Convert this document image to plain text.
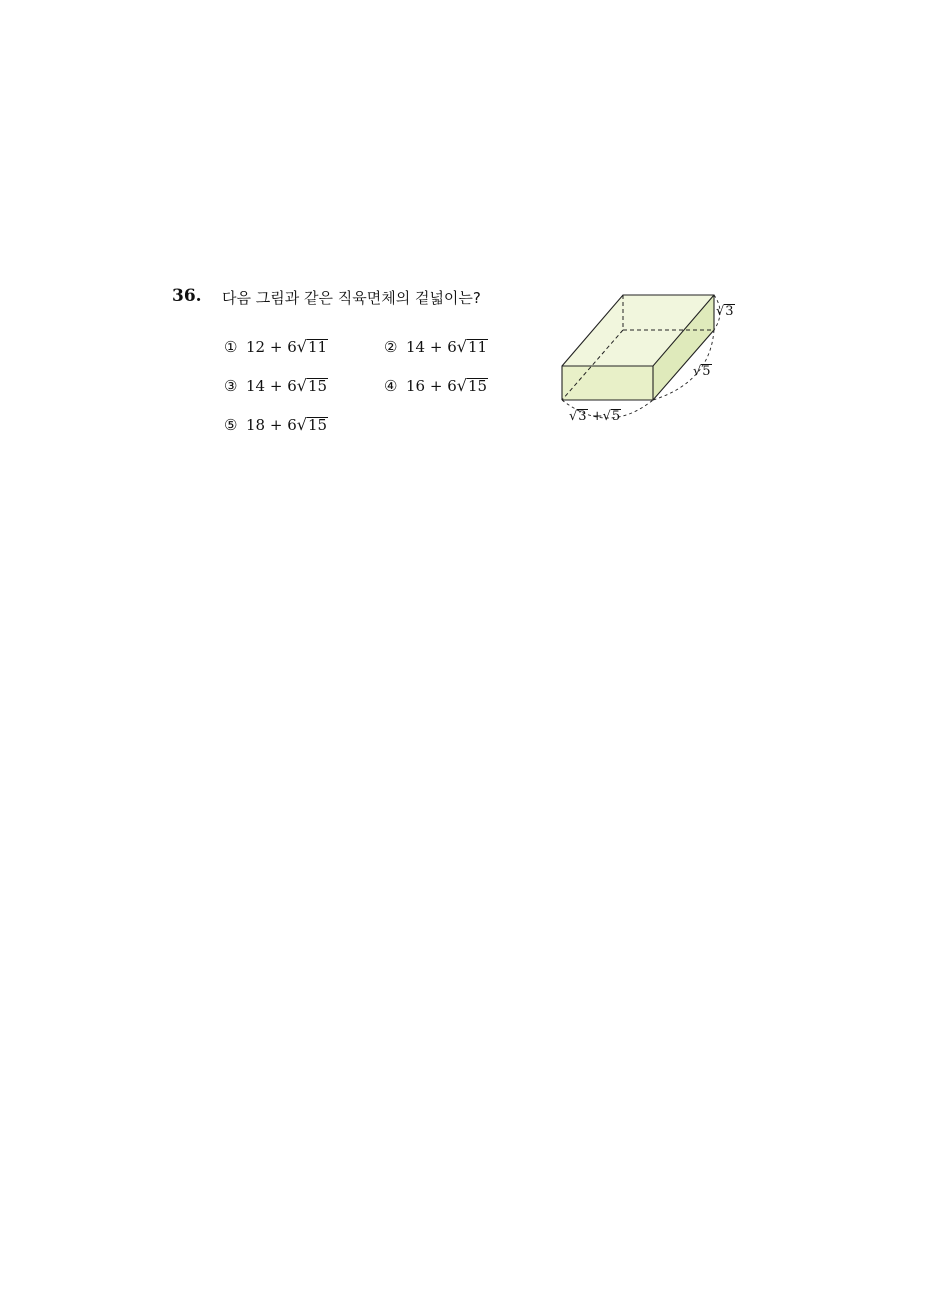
36. 다음 그림과 같은 직육면체의 겉넓이는?
① 12 + 6 √ 11	② 14 + 6 √ 11
③ 14 + 6 √ 15	④ 16 + 6 √ 15
⑤ 18 + 6 √ 15
√ 3
√ 5
√ 3
+ √ 5
